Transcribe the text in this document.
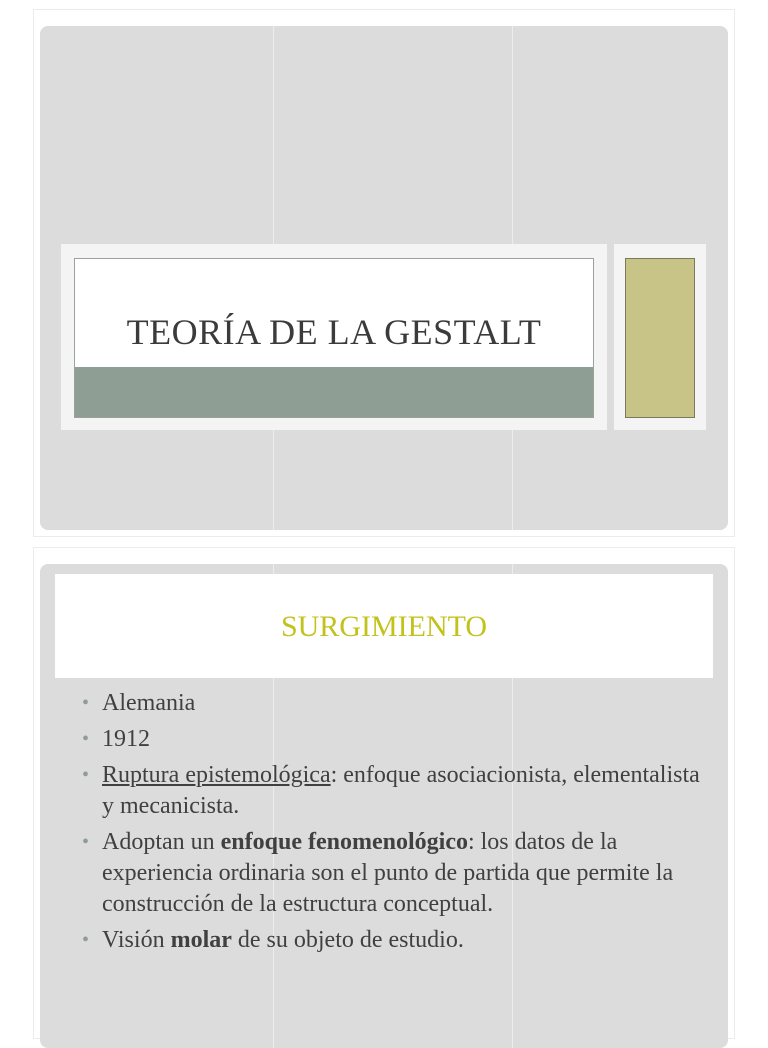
TEORÍA DE LA GESTALT
SURGIMIENTO
• Alemania
• 1912
• Ruptura epistemológica: enfoque asociacionista, elementalista y mecanicista.
• Adoptan un enfoque fenomenológico: los datos de la experiencia ordinaria son el punto de partida que permite la construcción de la estructura conceptual.
• Visión molar de su objeto de estudio.
